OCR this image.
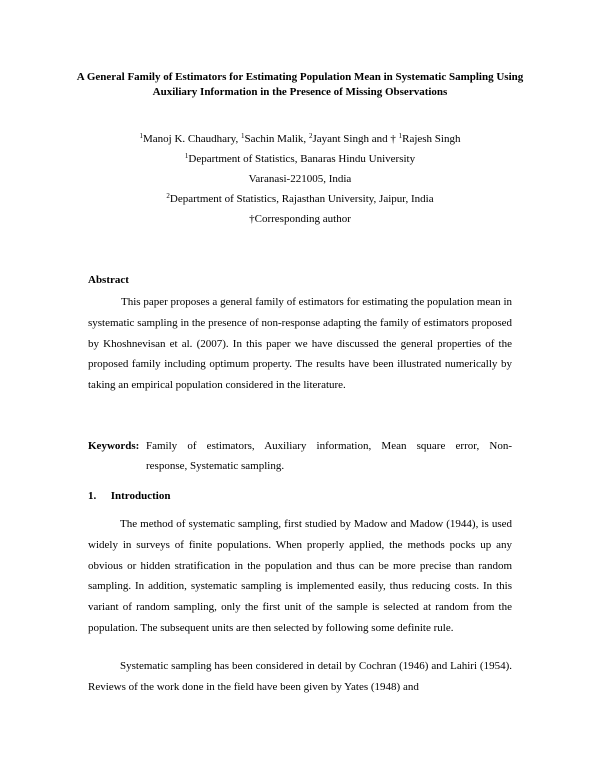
A General Family of Estimators for Estimating Population Mean in Systematic Sampling Using Auxiliary Information in the Presence of Missing Observations
$^1$Manoj K. Chaudhary, $^1$Sachin Malik, $^2$Jayant Singh and † $^1$Rajesh Singh
$^1$Department of Statistics, Banaras Hindu University
Varanasi-221005, India
$^2$Department of Statistics, Rajasthan University, Jaipur, India
†Corresponding author
Abstract
This paper proposes a general family of estimators for estimating the population mean in systematic sampling in the presence of non-response adapting the family of estimators proposed by Khoshnevisan et al. (2007). In this paper we have discussed the general properties of the proposed family including optimum property. The results have been illustrated numerically by taking an empirical population considered in the literature.
Keywords: Family of estimators, Auxiliary information, Mean square error, Non-
response, Systematic sampling.
1. Introduction
The method of systematic sampling, first studied by Madow and Madow (1944), is used widely in surveys of finite populations. When properly applied, the methods pocks up any obvious or hidden stratification in the population and thus can be more precise than random sampling. In addition, systematic sampling is implemented easily, thus reducing costs. In this variant of random sampling, only the first unit of the sample is selected at random from the population. The subsequent units are then selected by following some definite rule.
Systematic sampling has been considered in detail by Cochran (1946) and Lahiri (1954). Reviews of the work done in the field have been given by Yates (1948) and
